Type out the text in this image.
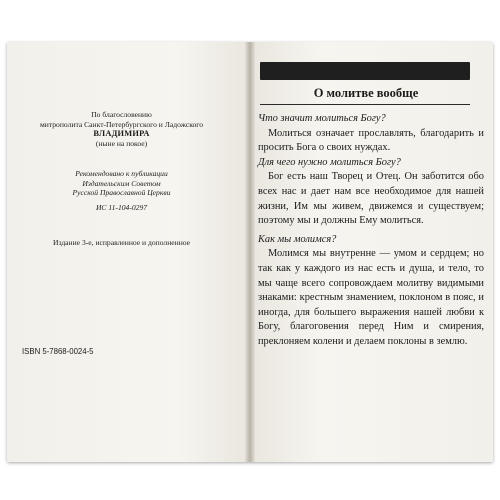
По благословению
митрополита Санкт-Петербургского и Ладожского
ВЛАДИМИРА
(ныне на покое)
Рекомендовано к публикации
Издательским Советом
Русской Православной Церкви
ИС 11-104-0297
Издание 3-е, исправленное и дополненное
ISBN 5-7868-0024-5
О молитве вообще

Что значит молиться Богу?

Молиться означает прославлять, благодарить и просить Бога о своих нуждах.

Для чего нужно молиться Богу?

Бог есть наш Творец и Отец. Он заботится обо всех нас и дает нам все необходимое для нашей жизни, Им мы живем, движемся и существуем; поэтому мы и должны Ему молиться.

Как мы молимся?

Молимся мы внутренне — умом и сердцем; но так как у каждого из нас есть и душа, и тело, то мы чаще всего сопровождаем молитву видимыми знаками: крестным знамением, поклоном в пояс, и иногда, для большего выражения нашей любви к Богу, благоговения перед Ним и смирения, преклоняем колени и делаем поклоны в землю.
